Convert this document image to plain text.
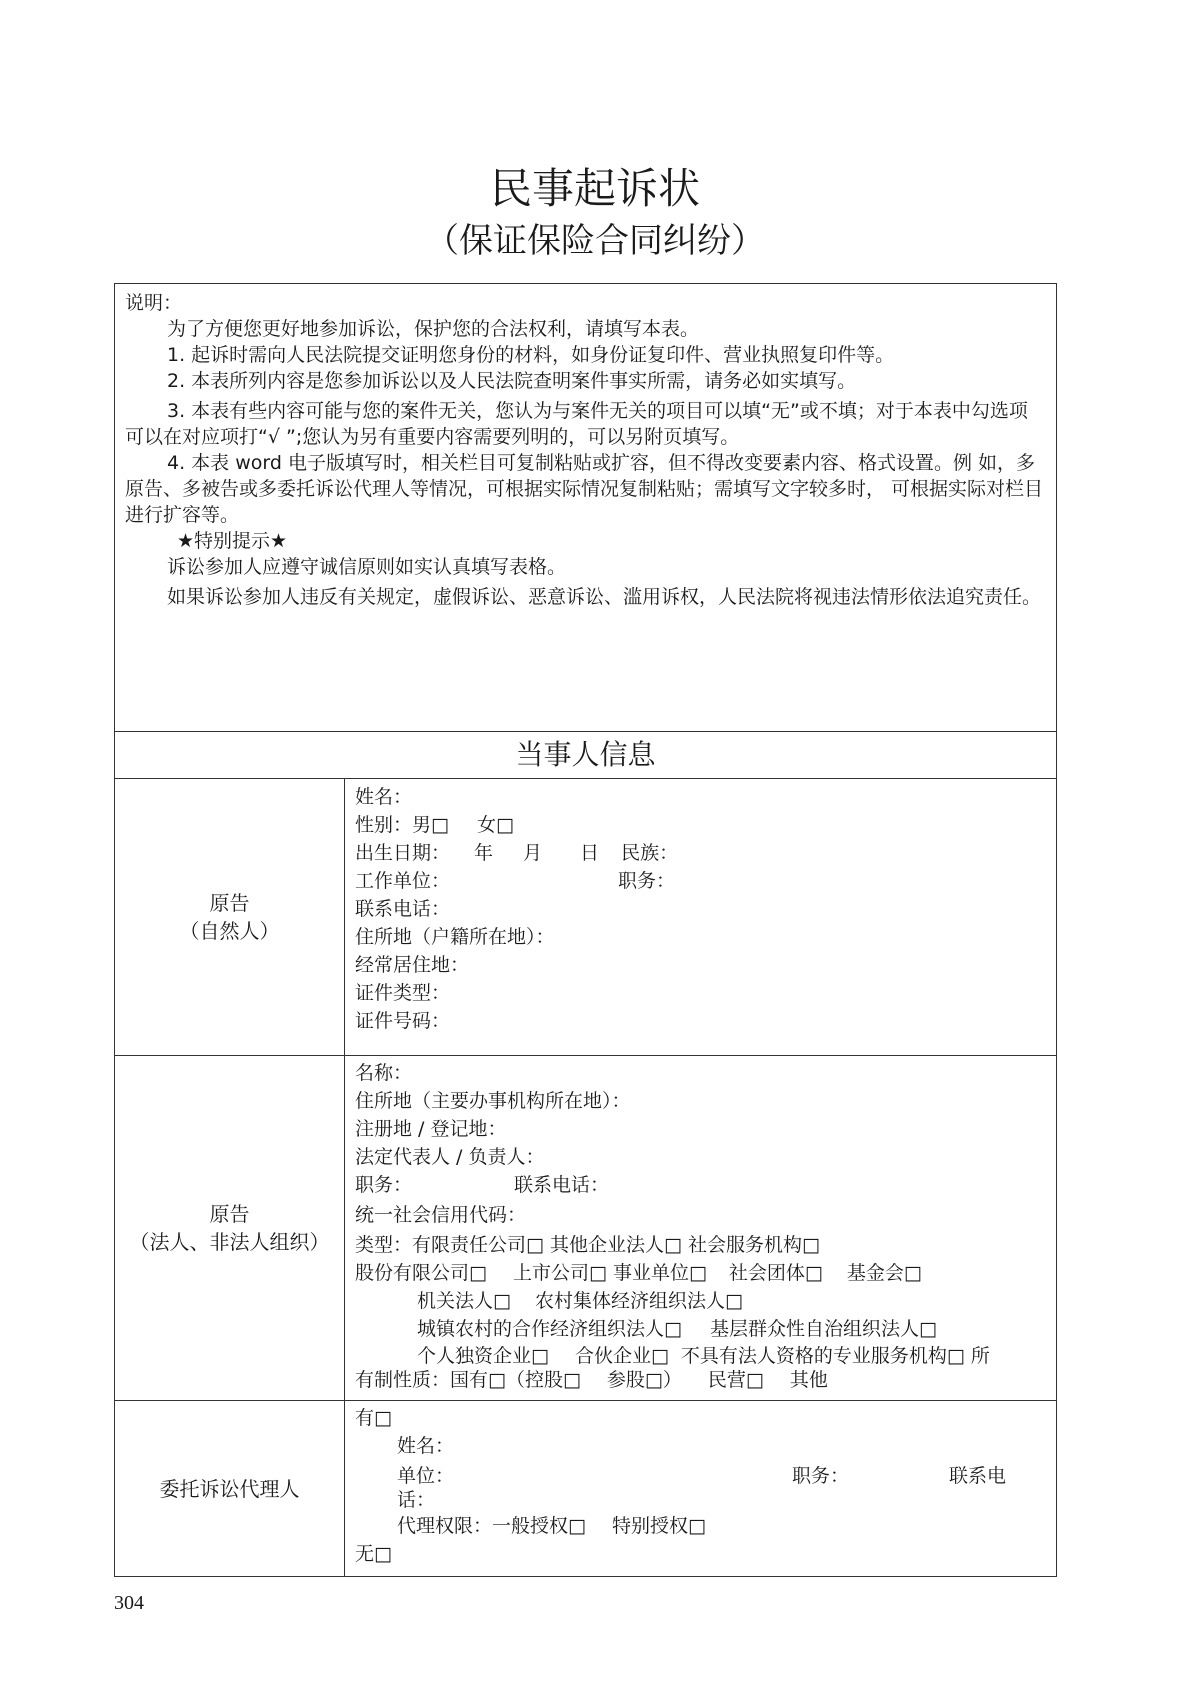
民事起诉状
（保证保险合同纠纷）

说明：

为了方便您更好地参加诉讼，保护您的合法权利，请填写本表。

1. 起诉时需向人民法院提交证明您身份的材料，如身份证复印件、营业执照复印件等。

2. 本表所列内容是您参加诉讼以及人民法院查明案件事实所需，请务必如实填写。

3. 本表有些内容可能与您的案件无关，您认为与案件无关的项目可以填“无”或不填；对于本表中勾选项可以在对应项打“√ ”;您认为另有重要内容需要列明的，可以另附页填写。

4. 本表 word 电子版填写时，相关栏目可复制粘贴或扩容，但不得改变要素内容、格式设置。例 如，多原告、多被告或多委托诉讼代理人等情况，可根据实际情况复制粘贴；需填写文字较多时， 可根据实际对栏目进行扩容等。

★特别提示★

诉讼参加人应遵守诚信原则如实认真填写表格。

如果诉讼参加人违反有关规定，虚假诉讼、恶意诉讼、滥用诉权，人民法院将视违法情形依法追究责任。

当事人信息
原告
（自然人）
姓名：
性别：男□ 女□
出生日期： 年 月 日 民族：
工作单位：	职务：
联系电话：
住所地（户籍所在地）：
经常居住地：
证件类型：
证件号码：
原告
（法人、非法人组织）
名称：
住所地（主要办事机构所在地）：
注册地 / 登记地：
法定代表人 / 负责人：
职务：	联系电话：
统一社会信用代码：
类型：有限责任公司□ 其他企业法人□ 社会服务机构□
股份有限公司□ 上市公司□ 事业单位□ 社会团体□ 基金会□
机关法人□ 农村集体经济组织法人□
城镇农村的合作经济组织法人□ 基层群众性自治组织法人□
个人独资企业□ 合伙企业□ 不具有法人资格的专业服务机构□ 所
有制性质：国有□（控股□ 参股□） 民营□ 其他
委托诉讼代理人
有□
姓名：
单位：	职务：	联系电
话：
代理权限：一般授权□ 特别授权□
无□
304
